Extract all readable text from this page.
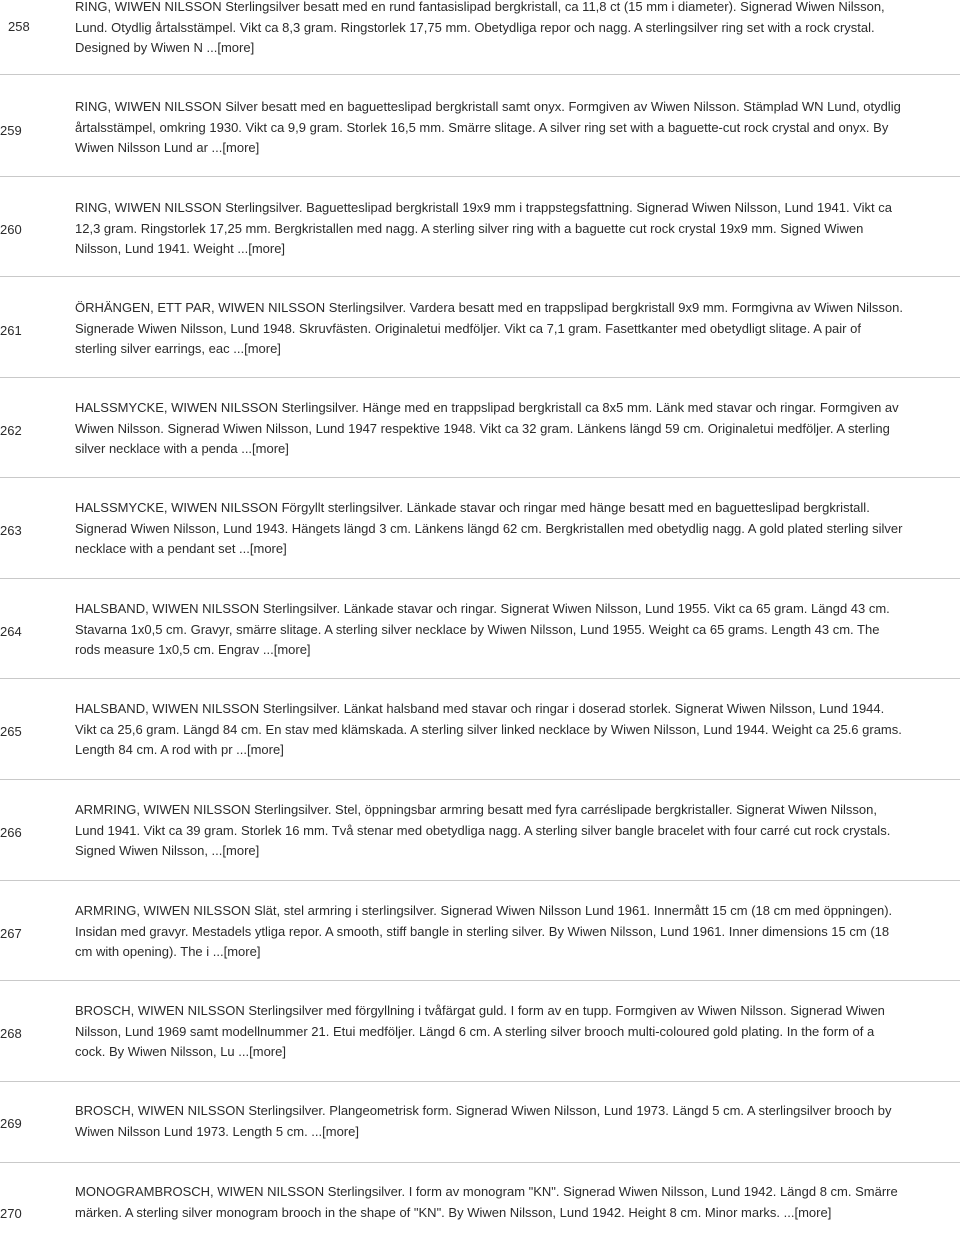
258
RING, WIWEN NILSSON Sterlingsilver besatt med en rund fantasislipad bergkristall, ca 11,8 ct (15 mm i diameter). Signerad Wiwen Nilsson, Lund. Otydlig årtalsstämpel. Vikt ca 8,3 gram. Ringstorlek 17,75 mm. Obetydliga repor och nagg. A sterlingsilver ring set with a rock crystal. Designed by Wiwen N ...[more]
259
RING, WIWEN NILSSON Silver besatt med en baguetteslipad bergkristall samt onyx. Formgiven av Wiwen Nilsson. Stämplad WN Lund, otydlig årtalsstämpel, omkring 1930. Vikt ca 9,9 gram. Storlek 16,5 mm. Smärre slitage. A silver ring set with a baguette-cut rock crystal and onyx. By Wiwen Nilsson Lund ar ...[more]
260
RING, WIWEN NILSSON Sterlingsilver. Baguetteslipad bergkristall 19x9 mm i trappstegsfattning. Signerad Wiwen Nilsson, Lund 1941. Vikt ca 12,3 gram. Ringstorlek 17,25 mm. Bergkristallen med nagg. A sterling silver ring with a baguette cut rock crystal 19x9 mm. Signed Wiwen Nilsson, Lund 1941. Weight ...[more]
261
ÖRHÄNGEN, ETT PAR, WIWEN NILSSON Sterlingsilver. Vardera besatt med en trappslipad bergkristall 9x9 mm. Formgivna av Wiwen Nilsson. Signerade Wiwen Nilsson, Lund 1948. Skruvfästen. Originaletui medföljer. Vikt ca 7,1 gram. Fasettkanter med obetydligt slitage. A pair of sterling silver earrings, eac ...[more]
262
HALSSMYCKE, WIWEN NILSSON Sterlingsilver. Hänge med en trappslipad bergkristall ca 8x5 mm. Länk med stavar och ringar. Formgiven av Wiwen Nilsson. Signerad Wiwen Nilsson, Lund 1947 respektive 1948. Vikt ca 32 gram. Länkens längd 59 cm. Originaletui medföljer. A sterling silver necklace with a penda ...[more]
263
HALSSMYCKE, WIWEN NILSSON Förgyllt sterlingsilver. Länkade stavar och ringar med hänge besatt med en baguetteslipad bergkristall. Signerad Wiwen Nilsson, Lund 1943. Hängets längd 3 cm. Länkens längd 62 cm. Bergkristallen med obetydlig nagg. A gold plated sterling silver necklace with a pendant set ...[more]
264
HALSBAND, WIWEN NILSSON Sterlingsilver. Länkade stavar och ringar. Signerat Wiwen Nilsson, Lund 1955. Vikt ca 65 gram. Längd 43 cm. Stavarna 1x0,5 cm. Gravyr, smärre slitage. A sterling silver necklace by Wiwen Nilsson, Lund 1955. Weight ca 65 grams. Length 43 cm. The rods measure 1x0,5 cm. Engrav ...[more]
265
HALSBAND, WIWEN NILSSON Sterlingsilver. Länkat halsband med stavar och ringar i doserad storlek. Signerat Wiwen Nilsson, Lund 1944. Vikt ca 25,6 gram. Längd 84 cm. En stav med klämskada. A sterling silver linked necklace by Wiwen Nilsson, Lund 1944. Weight ca 25.6 grams. Length 84 cm. A rod with pr ...[more]
266
ARMRING, WIWEN NILSSON Sterlingsilver. Stel, öppningsbar armring besatt med fyra carréslipade bergkristaller. Signerat Wiwen Nilsson, Lund 1941. Vikt ca 39 gram. Storlek 16 mm. Två stenar med obetydliga nagg. A sterling silver bangle bracelet with four carré cut rock crystals. Signed Wiwen Nilsson, ...[more]
267
ARMRING, WIWEN NILSSON Slät, stel armring i sterlingsilver. Signerad Wiwen Nilsson Lund 1961. Innermått 15 cm (18 cm med öppningen). Insidan med gravyr. Mestadels ytliga repor. A smooth, stiff bangle in sterling silver. By Wiwen Nilsson, Lund 1961. Inner dimensions 15 cm (18 cm with opening). The i ...[more]
268
BROSCH, WIWEN NILSSON Sterlingsilver med förgyllning i tvåfärgat guld. I form av en tupp. Formgiven av Wiwen Nilsson. Signerad Wiwen Nilsson, Lund 1969 samt modellnummer 21. Etui medföljer. Längd 6 cm. A sterling silver brooch multi-coloured gold plating. In the form of a cock. By Wiwen Nilsson, Lu ...[more]
269
BROSCH, WIWEN NILSSON Sterlingsilver. Plangeometrisk form. Signerad Wiwen Nilsson, Lund 1973. Längd 5 cm. A sterlingsilver brooch by Wiwen Nilsson Lund 1973. Length 5 cm. ...[more]
270
MONOGRAMBROSCH, WIWEN NILSSON Sterlingsilver. I form av monogram "KN". Signerad Wiwen Nilsson, Lund 1942. Längd 8 cm. Smärre märken. A sterling silver monogram brooch in the shape of "KN". By Wiwen Nilsson, Lund 1942. Height 8 cm. Minor marks. ...[more]
